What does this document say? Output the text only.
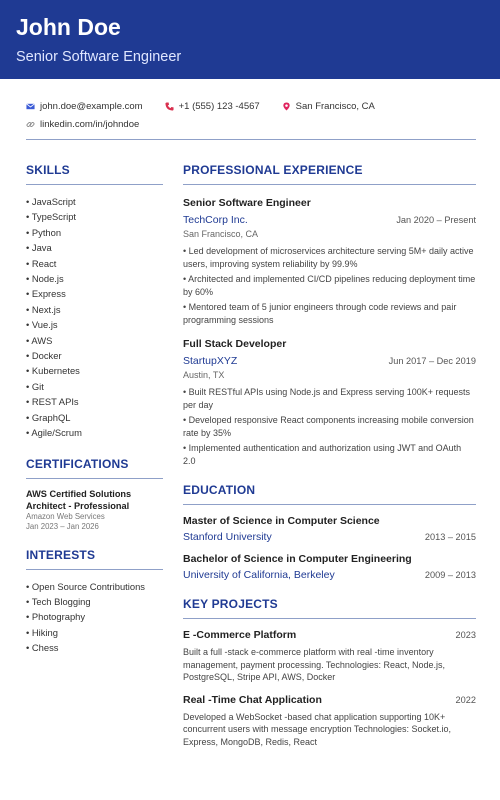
John Doe
Senior Software Engineer
john.doe@example.com	+1 (555) 123 -4567	San Francisco, CA
linkedin.com/in/johndoe
SKILLS
• JavaScript
• TypeScript
• Python
• Java
• React
• Node.js
• Express
• Next.js
• Vue.js
• AWS
• Docker
• Kubernetes
• Git
• REST APIs
• GraphQL
• Agile/Scrum
CERTIFICATIONS
AWS Certified Solutions Architect - Professional
Amazon Web Services
Jan 2023 – Jan 2026
INTERESTS
• Open Source Contributions
• Tech Blogging
• Photography
• Hiking
• Chess
PROFESSIONAL EXPERIENCE
Senior Software Engineer
TechCorp Inc.	Jan 2020 – Present
San Francisco, CA
• Led development of microservices architecture serving 5M+ daily active users, improving system reliability by 99.9%
• Architected and implemented CI/CD pipelines reducing deployment time by 60%
• Mentored team of 5 junior engineers through code reviews and pair programming sessions
Full Stack Developer
StartupXYZ	Jun 2017 – Dec 2019
Austin, TX
• Built RESTful APIs using Node.js and Express serving 100K+ requests per day
• Developed responsive React components increasing mobile conversion rate by 35%
• Implemented authentication and authorization using JWT and OAuth 2.0
EDUCATION
Master of Science in Computer Science
Stanford University	2013 – 2015
Bachelor of Science in Computer Engineering
University of California, Berkeley	2009 – 2013
KEY PROJECTS
E -Commerce Platform	2023
Built a full -stack e-commerce platform with real -time inventory management, payment processing. Technologies: React, Node.js, PostgreSQL, Stripe API, AWS, Docker
Real -Time Chat Application	2022
Developed a WebSocket -based chat application supporting 10K+ concurrent users with message encryption Technologies: Socket.io, Express, MongoDB, Redis, React
